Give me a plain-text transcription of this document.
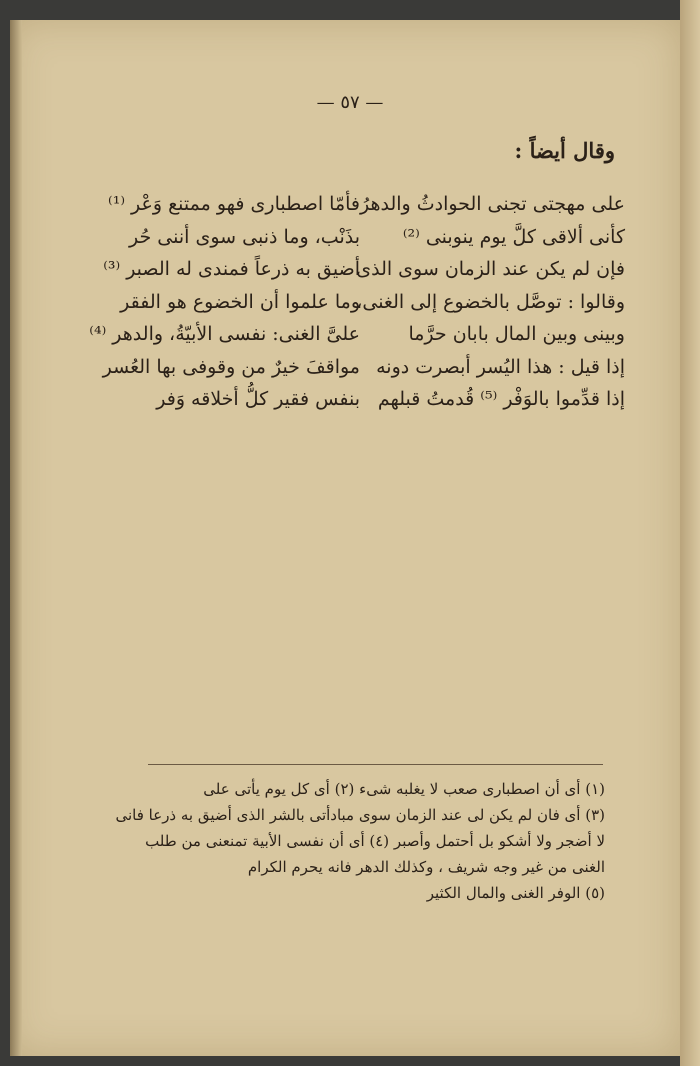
— ٥٧ —
وقال أيضاً :
على مهجتى تجنى الحوادثُ والدهرُ
كأنى ألاقى كلَّ يوم ينوبنى ⁽²⁾
فإن لم يكن عند الزمان سوى الذى
وقالوا : توصَّل بالخضوع إلى الغنى،
وبينى وبين المال بابان حرَّما
إذا قيل : هذا اليُسر أبصرت دونه
إذا قدِّموا بالوَفْر ⁽⁵⁾ قُدمتُ قبلهم
فأمّا اصطبارى فهو ممتنع وَعْر ⁽¹⁾
بذَنْب، وما ذنبى سوى أننى حُر
أضيق به ذرعاً فمندى له الصبر ⁽³⁾
وما علموا أن الخضوع هو الفقر
علىَّ الغنى: نفسى الأبيّةُ، والدهر ⁽⁴⁾
مواقفَ خيرٌ من وقوفى بها العُسر
بنفس فقير كلُّ أخلاقه وَفر
(١) أى أن اصطبارى صعب لا يغلبه شىء (٢) أى كل يوم يأتى على
(٣) أى فان لم يكن لى عند الزمان سوى مبادأتى بالشر الذى أضيق به ذرعا فانى
لا أضجر ولا أشكو بل أحتمل وأصبر (٤) أى أن نفسى الأبية تمنعنى من طلب
الغنى من غير وجه شريف ، وكذلك الدهر فانه يحرم الكرام
(٥) الوفر الغنى والمال الكثير
